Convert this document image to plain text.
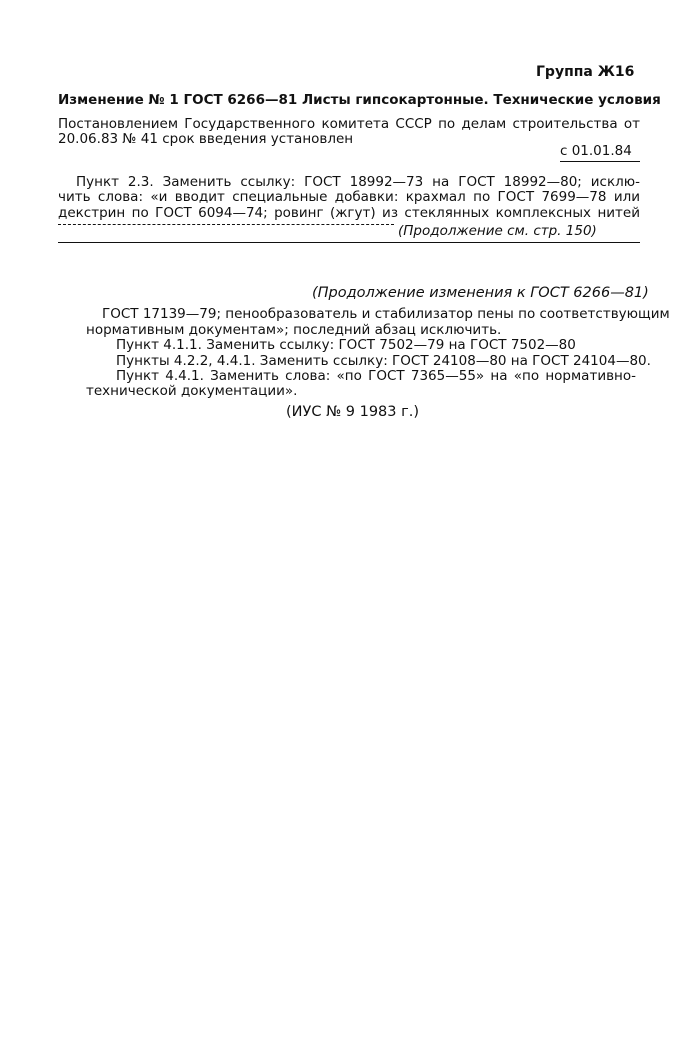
Группа Ж16
Изменение № 1 ГОСТ 6266—81 Листы гипсокартонные. Технические условия
Постановлением Государственного комитета СССР по делам строительства от
20.06.83 № 41 срок введения установлен
с 01.01.84
Пункт 2.3. Заменить ссылку: ГОСТ 18992—73 на ГОСТ 18992—80; исклю-
чить слова: «и вводит специальные добавки: крахмал по ГОСТ 7699—78 или
декстрин по ГОСТ 6094—74; ровинг (жгут) из стеклянных комплексных нитей
(Продолжение см. стр. 150)
(Продолжение изменения к ГОСТ 6266—81)
ГОСТ 17139—79; пенообразователь и стабилизатор пены по соответствующим
нормативным документам»; последний абзац исключить.
Пункт 4.1.1. Заменить ссылку: ГОСТ 7502—79 на ГОСТ 7502—80
Пункты 4.2.2, 4.4.1. Заменить ссылку: ГОСТ 24108—80 на ГОСТ 24104—80.
Пункт 4.4.1. Заменить слова: «по ГОСТ 7365—55» на «по нормативно-
технической документации».
(ИУС № 9 1983 г.)
